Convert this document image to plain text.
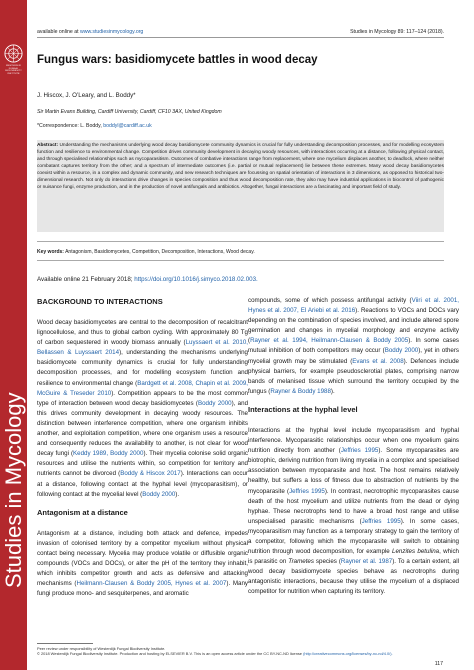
WESTERDIJK FUNGAL BIODIVERSITY INSTITUTE
Studies in Mycology
available online at www.studiesinmycology.org	Studies in Mycology 89: 117–124 (2018).
Fungus wars: basidiomycete battles in wood decay
J. Hiscox, J. O’Leary, and L. Boddy*
Sir Martin Evans Building, Cardiff University, Cardiff, CF10 3AX, United Kingdom
*Correspondence: L. Boddy, boddyl@cardiff.ac.uk
Abstract: Understanding the mechanisms underlying wood decay basidiomycete community dynamics is crucial for fully understanding decomposition processes, and for modelling ecosystem function and resilience to environmental change. Competition drives community development in decaying woody resources, with interactions occurring at a distance, following physical contact, and through specialised relationships such as mycoparasitism. Outcomes of combative interactions range from replacement, where one mycelium displaces another, to deadlock, where neither combatant captures territory from the other; and a spectrum of intermediate outcomes (i.e. partial or mutual replacement) lie between these extremes. Many wood decay basidiomycetes coexist within a resource, in a complex and dynamic community, and new research techniques are focussing on spatial orientation of interactions in 3 dimensions, as opposed to historical two-dimensional research. Not only do interactions drive changes in species composition and thus wood decomposition rate, they also may have industrial applications in biocontrol of pathogenic or nuisance fungi, enzyme production, and in the production of novel antifungals and antibiotics. Altogether, fungal interactions are a fascinating and important field of study.
Key words: Antagonism, Basidiomycetes, Competition, Decomposition, Interactions, Wood decay.
Available online 21 February 2018; https://doi.org/10.1016/j.simyco.2018.02.003.
BACKGROUND TO INTERACTIONS

Wood decay basidiomycetes are central to the decomposition of recalcitrant lignocellulose, and thus to global carbon cycling. With approximately 80 Tg of carbon sequestered in woody biomass annually (Luyssaert et al. 2010, Bellassen & Luyssaert 2014), understanding the mechanisms underlying basidiomycete community dynamics is crucial for fully understanding decomposition processes, and for modelling ecosystem function and resilience to environmental change (Bardgett et al. 2008, Chapin et al. 2009, McGuire & Treseder 2010). Competition appears to be the most common type of interaction between wood decay basidiomycetes (Boddy 2000), and this drives community development in decaying woody resources. The distinction between interference competition, where one organism inhibits another, and exploitation competition, where one organism uses a resource and consequently reduces the availability to another, is not clear for wood decay fungi (Keddy 1989, Boddy 2000). Their mycelia colonise solid organic resources and utilise the nutrients within, so competition for territory and nutrients cannot be divorced (Boddy & Hiscox 2017). Interactions can occur at a distance, following contact at the hyphal level (mycoparasitism), or following contact at the mycelial level (Boddy 2000).

Antagonism at a distance

Antagonism at a distance, including both attack and defence, impedes invasion of colonised territory by a competitor mycelium without physical contact being necessary. Mycelia may produce volatile or diffusible organic compounds (VOCs and DOCs), or alter the pH of the territory they inhabit, which inhibits competitor growth and acts as defensive and attacking mechanisms (Heilmann-Clausen & Boddy 2005, Hynes et al. 2007). Many fungi produce mono- and sesquiterpenes, and aromatic

compounds, some of which possess antifungal activity (Viiri et al. 2001, Hynes et al. 2007, El Ariebi et al. 2016). Reactions to VOCs and DOCs vary depending on the combination of species involved, and include altered spore germination and changes in mycelial morphology and enzyme activity (Rayner et al. 1994, Heilmann-Clausen & Boddy 2005). In some cases mutual inhibition of both competitors may occur (Boddy 2000), yet in others mycelial growth may be stimulated (Evans et al. 2008). Defences include physical barriers, for example pseudosclerotial plates, comprising narrow bands of melanised tissue which surround the territory occupied by the fungus (Rayner & Boddy 1988).

Interactions at the hyphal level

Interactions at the hyphal level include mycoparasitism and hyphal interference. Mycoparasitic relationships occur when one mycelium gains nutrition directly from another (Jeffries 1995). Some mycoparasites are biotrophic, deriving nutrition from living mycelia in a complex and specialised association between mycoparasite and host. The host remains relatively healthy, but suffers a loss of fitness due to abstraction of nutrients by the mycoparasite (Jeffries 1995). In contrast, necrotrophic mycoparasites cause death of the host mycelium and utilize nutrients from the dead or dying hyphae. These necrotrophs tend to have a broad host range and utilise unspecialised parasitic mechanisms (Jeffries 1995). In some cases, mycoparasitism may function as a temporary strategy to gain the territory of a competitor, following which the mycoparasite will switch to obtaining nutrition through wood decomposition, for example Lenzites betulina, which is parasitic on Trametes species (Rayner et al. 1987). To a certain extent, all wood decay basidiomycete species behave as necrotrophs during antagonistic interactions, because they utilise the mycelium of a displaced competitor for nutrition when capturing its territory.

Peer review under responsibility of Westerdijk Fungal Biodiversity Institute.
© 2018 Westerdijk Fungal Biodiversity Institute. Production and hosting by ELSEVIER B.V. This is an open access article under the CC BY-NC-ND license (http://creativecommons.org/licenses/by-nc-nd/4.0/).
117
